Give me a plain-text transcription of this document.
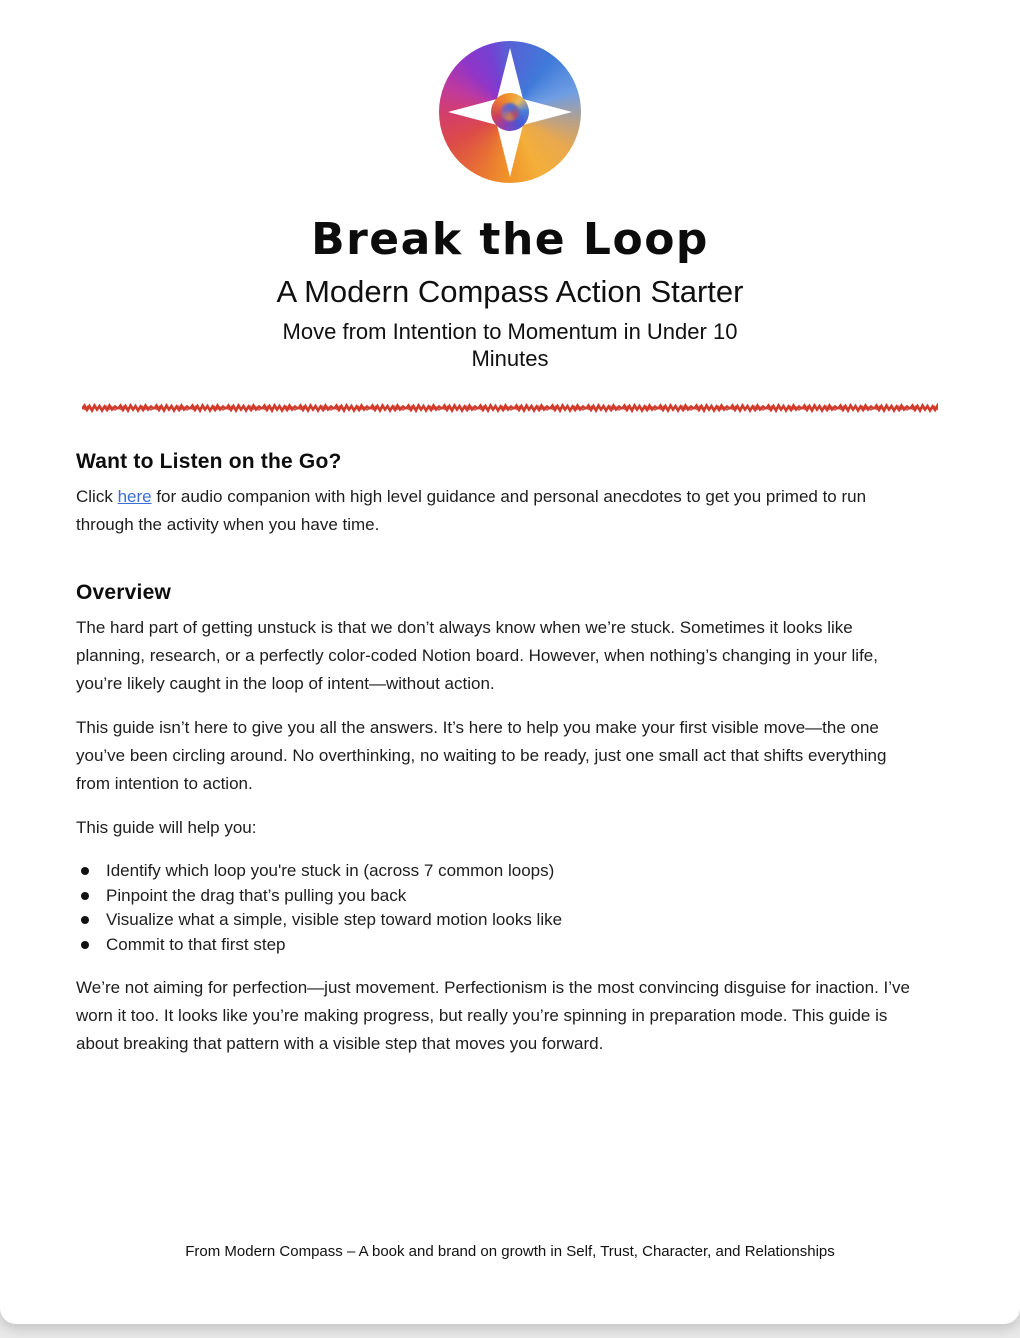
Break the Loop
A Modern Compass Action Starter
Move from Intention to Momentum in Under 10 Minutes
Want to Listen on the Go?

Click here for audio companion with high level guidance and personal anecdotes to get you primed to run through the activity when you have time.

Overview

The hard part of getting unstuck is that we don’t always know when we’re stuck. Sometimes it looks like planning, research, or a perfectly color-coded Notion board. However, when nothing’s changing in your life, you’re likely caught in the loop of intent—without action.

This guide isn’t here to give you all the answers. It’s here to help you make your first visible move—the one you’ve been circling around. No overthinking, no waiting to be ready, just one small act that shifts everything from intention to action.

This guide will help you:

Identify which loop you're stuck in (across 7 common loops)
Pinpoint the drag that’s pulling you back
Visualize what a simple, visible step toward motion looks like
Commit to that first step

We’re not aiming for perfection—just movement. Perfectionism is the most convincing disguise for inaction. I’ve worn it too. It looks like you’re making progress, but really you’re spinning in preparation mode. This guide is about breaking that pattern with a visible step that moves you forward.

From Modern Compass – A book and brand on growth in Self, Trust, Character, and Relationships
